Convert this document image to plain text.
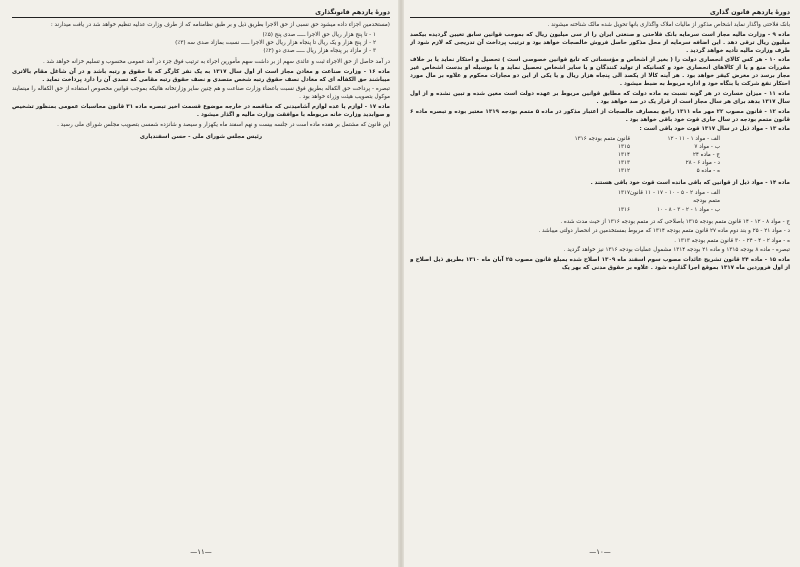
دورهٔ یازدهم قانونگذاری

(مستخدمین اجزاء داده میشود حق نسبی از حق الاجرا بطریق ذیل و بر طبق نظامنامه که از طرف وزارت عدلیه تنظیم خواهد شد در یافت میدارند :

۱ - تا پنج هزار ریال حق الاجرا ـــــ صدی پنج (۵٪)
۲ - از پنج هزار و یک ریال تا پنجاه هزار ریال حق الاجرا ـــــ نسبت بمازاد صدی سه (۳٪)
۳ - از مازاد بر پنجاه هزار ریال ـــــ صدی دو (۲٪)

در آمد حاصل از حق الاجراء ثبت و عائدی سهم از بر داشت سهم مأمورین اجراء به ترتیب فوق جزء در آمد عمومی محسوب و تسلیم خزانه خواهد شد .

ماده ۱۶ - وزارت صناعت و معادن مجاز است از اول سال ۱۳۱۷ به یک نفر کارگر که با حقوق و رتبه باشد و در آن شاغل مقام بالاتری میباشند حق الکفاله ای که معادل نصف حقوق رتبه شخص متصدی و نصف حقوق رتبه مقامی که تصدی آن را دارد پرداخت نماید .

تبصره - پرداخت حق الکفاله بطریق فوق نسبت باعضاء وزارت صناعت و هم چنین سایر وزارتخانه هائیکه بموجب قوانین مخصوص استفاده از حق الکفاله را مینمایند موکول بتصویب هیئت وزراء خواهد بود .

ماده ۱۷ - لوازم یا عده لوازم آشامیدنی که مناقصه در خارجه موضوع قسمت اخیر تبصره ماده ۳۱ قانون محاسبات عمومی بمنظور تشخیص و صوابدید وزارت خانه مربوطه با موافقت وزارت مالیه و اگذار میشود .

این قانون که مشتمل بر هفده ماده است در جلسه بیست و نهم اسفند ماه یکهزار و سیصد و شانزده شمسی بتصویب مجلس شورای ملی رسید .

رئیس مجلس شورای ملی - حسن اسفندیاری
—۱۱—
دورهٔ یازدهم قانون گذاری

بانک فلاحتی واگذار نماید اشخاص مذکور از مالیات املاک واگذاری بانها تحویل شده مالک شناخته میشوند .

ماده ۹ - وزارت مالیه مجاز است سرمایه بانک فلاحتی و صنعتی ایران را از سی میلیون ریال که بموجب قوانین سابق تعیین گردیده بیکصد میلیون ریال ترقی دهد . این اضافه سرمایه از محل مذکور حاصل فروش خالصجات خواهد بود و ترتیب پرداخت آن تدریجی که لازم شود از طرف وزارت مالیه تأدیه خواهد گردید .

ماده ۱۰ - هر کس کالای انحصاری دولت را ( بغیر از اشخاص و مؤسساتی که تابع قوانین خصوصی است ) تحصیل و احتکار نماید یا بر خلاف مقررات منع و یا از کالاهای انحصاری خود و کسانیکه از تولید کنندگان و یا سایر اشخاص تحصیل نماید و یا بوسیله او بدست اشخاص غیر مجاز برسد در معرض کیفر خواهد بود . هر آینه کالا از یکصد الی پنجاه هزار ریال و یا یکی از این دو مجازات محکوم و علاوه بر مال مورد احتکار نفع شرکت یا بنگاه خود و اداره مربوط به ضبط میشود .

ماده ۱۱ - میزان خسارت در هر گونه نسبت به ماده دولت که مطابق قوانین مربوط بر عهده دولت است معین شده و تبین نشده و از اول سال ۱۳۱۷ بدهد برای هر سال مجاز است از قرار یک در صد خواهد بود .

ماده ۱۲ - قانون مصوب ۲۲ مهر ماه ۱۳۱۱ راجع بمصارف خالصجات از اعتبار مذکور در ماده ۵ متمم بودجه ۱۳۱۹ معتبر بوده و تبصره ماده ۶ قانون متمم بودجه در سال جاری قوت خود باقی خواهد بود .

ماده ۱۳ - مواد ذیل در سال ۱۳۱۷ قوت خود باقی است :

الف - مواد ۱ - ۱۱ - ۱۲
قانون متمم بودجه ۱۳۱۶
ب - مواد ۷
۱۳۱۵
ج - ماده ۲۴
۱۳۱۴
د - مواد ۶ - ۲۸
۱۳۱۳
ه - ماده ۵
۱۳۱۲

ماده ۱۴ - مواد ذیل از قوانین که باقی مانده است قوت خود باقی هستند .

الف - مواد ۲ - ۵ - ۱۰ - ۱۷ - ۱۱ قانون متمم بودجه
۱۳۱۷
ب - مواد ۱ - ۲ - ۳ - ۸ - ۱۰
۱۳۱۶

ج - مواد ۸ - ۱۲ - ۱۴ قانون متمم بودجه ۱۳۱۵ باصلاحی که در متمم بودجه ۱۳۱۶ از حیث مدت شده .

د - مواد ۲۱ - ۲۵ و بند دوم ماده ۲۷ قانون متمم بودجه ۱۳۱۴ که مربوط بمستخدمین در انحصار دولتی میباشد .

ه - مواد ۲ - ۴ - ۲۴ - ۳۰ قانون متمم بودجه ۱۳۱۳ .

تبصره - ماده ۸ بودجه ۱۳۱۵ و ماده ۲۱ بودجه ۱۳۱۴ مشمول عملیات بودجه ۱۳۱۶ نیز خواهد گردید .

ماده ۱۵ - ماده ۲۴ قانون تشریح عائدات مصوب سوم اسفند ماه ۱۳۰۹ اصلاح شده بمبلغ قانون مصوب ۲۵ آبان ماه ۱۳۱۰ بطریق ذیل اصلاح و از اول فروردین ماه ۱۳۱۷ بموقع اجرا گذارده شود . علاوه بر حقوق مدنی که بهر یک

—۱۰—
